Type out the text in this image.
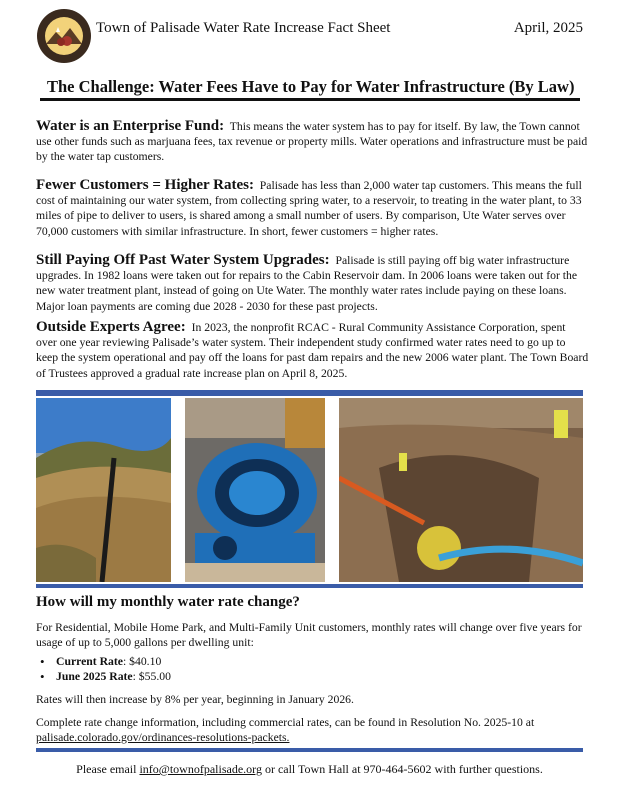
Town of Palisade Water Rate Increase Fact Sheet	April, 2025
The Challenge: Water Fees Have to Pay for Water Infrastructure (By Law)
Water is an Enterprise Fund: This means the water system has to pay for itself. By law, the Town cannot use other funds such as marjuana fees, tax revenue or property mills. Water operations and infrastructure must be paid by the water tap customers.
Fewer Customers = Higher Rates: Palisade has less than 2,000 water tap customers. This means the full cost of maintaining our water system, from collecting spring water, to a reservoir, to treating in the water plant, to 33 miles of pipe to deliver to users, is shared among a small number of users. By comparison, Ute Water serves over 70,000 customers with similar infrastructure. In short, fewer customers = higher rates.
Still Paying Off Past Water System Upgrades: Palisade is still paying off big water infrastructure upgrades. In 1982 loans were taken out for repairs to the Cabin Reservoir dam. In 2006 loans were taken out for the new water treatment plant, instead of going on Ute Water. The monthly water rates include paying on these loans. Major loan payments are coming due 2028 - 2030 for these past projects.
Outside Experts Agree: In 2023, the nonprofit RCAC - Rural Community Assistance Corporation, spent over one year reviewing Palisade’s water system. Their independent study confirmed water rates need to go up to keep the system operational and pay off the loans for past dam repairs and the new 2006 water plant. The Town Board of Trustees approved a gradual rate increase plan on April 8, 2025.
How will my monthly water rate change?
For Residential, Mobile Home Park, and Multi-Family Unit customers, monthly rates will change over five years for usage of up to 5,000 gallons per dwelling unit:
• Current Rate: $40.10
• June 2025 Rate: $55.00
Rates will then increase by 8% per year, beginning in January 2026.
Complete rate change information, including commercial rates, can be found in Resolution No. 2025-10 at
palisade.colorado.gov/ordinances-resolutions-packets.
Please email info@townofpalisade.org or call Town Hall at 970-464-5602 with further questions.
